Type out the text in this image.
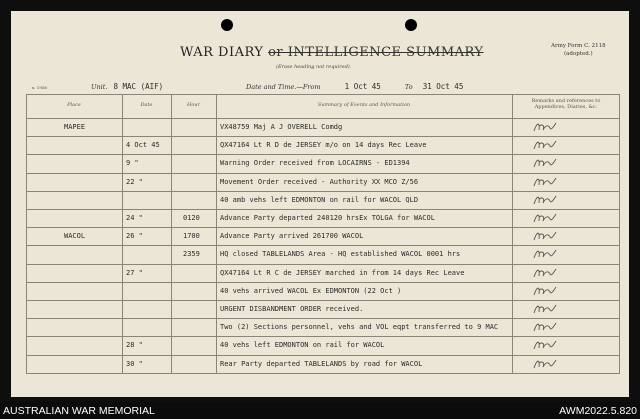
WAR DIARY or INTELLIGENCE SUMMARY
(Erase heading not required).
Army Form C. 2118
(adopted.)
x. 1958	Unit. 8 MAC (AIF)	Date and Time.—From	1 Oct 45	To 31 Oct 45
Place	Date	Hour	Summary of Events and Information
Remarks and references to Appendices, Diaries, &c.
MAPEE	VX48759 Maj A J OVERELL Comdg
4 Oct 45	QX47164 Lt R D de JERSEY m/o on 14 days Rec Leave
9 "	Warning Order received from LOCAIRNS - ED1394
22 "	Movement Order received - Authority XX MCO Z/56
40 amb vehs left EDMONTON on rail for WACOL QLD
24 "	0120	Advance Party departed 240120 hrsEx TOLGA for WACOL
WACOL	26 "	1700	Advance Party arrived 261700 WACOL
2359	HQ closed TABLELANDS Area - HQ established WACOL 0001 hrs
27 "	QX47164 Lt R C de JERSEY marched in from 14 days Rec Leave
40 vehs arrived WACOL Ex EDMONTON (22 Oct )
URGENT DISBANDMENT ORDER received.
Two (2) Sections personnel, vehs and VOL eqpt transferred to 9 MAC
28 "	40 vehs left EDMONTON on rail for WACOL
30 "	Rear Party departed TABLELANDS by road for WACOL
AUSTRALIAN WAR MEMORIAL	AWM2022.5.820
